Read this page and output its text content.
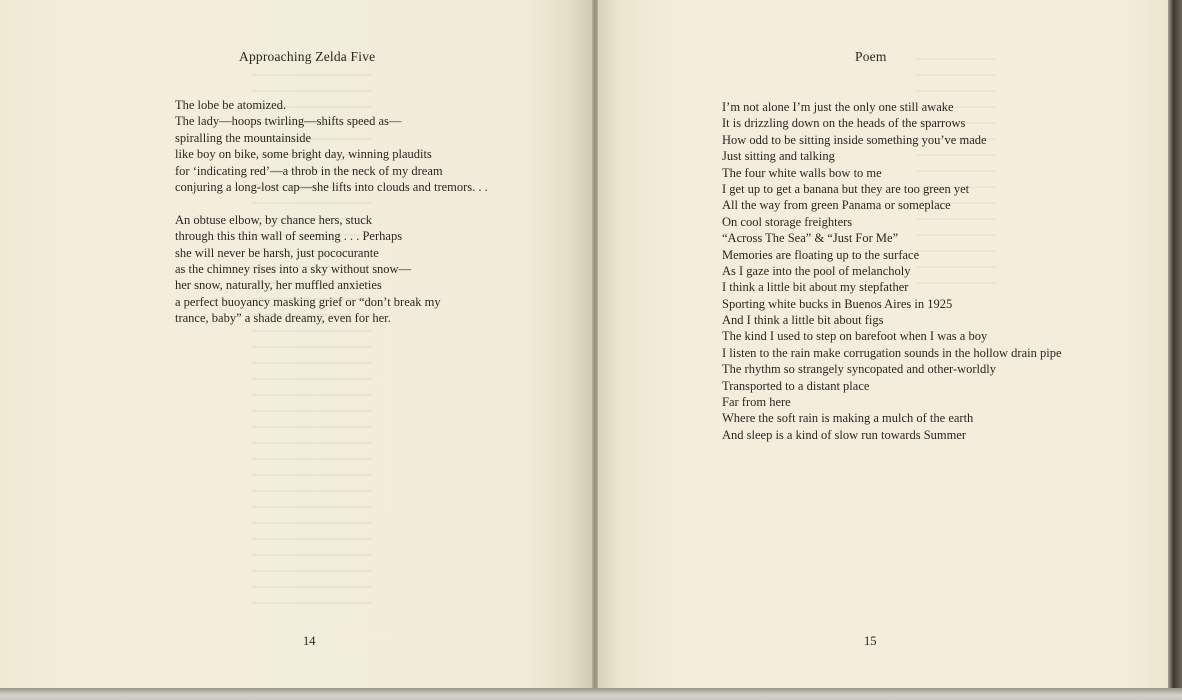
Approaching Zelda Five
The lobe be atomized.
The lady—hoops twirling—shifts speed as—
spiralling the mountainside
like boy on bike, some bright day, winning plaudits
for ‘indicating red’—a throb in the neck of my dream
conjuring a long-lost cap—she lifts into clouds and tremors. . .
An obtuse elbow, by chance hers, stuck
through this thin wall of seeming . . . Perhaps
she will never be harsh, just pococurante
as the chimney rises into a sky without snow—
her snow, naturally, her muffled anxieties
a perfect buoyancy masking grief or “don’t break my
trance, baby” a shade dreamy, even for her.
14
Poem
I’m not alone I’m just the only one still awake
It is drizzling down on the heads of the sparrows
How odd to be sitting inside something you’ve made
Just sitting and talking
The four white walls bow to me
I get up to get a banana but they are too green yet
All the way from green Panama or someplace
On cool storage freighters
“Across The Sea” & “Just For Me”
Memories are floating up to the surface
As I gaze into the pool of melancholy
I think a little bit about my stepfather
Sporting white bucks in Buenos Aires in 1925
And I think a little bit about figs
The kind I used to step on barefoot when I was a boy
I listen to the rain make corrugation sounds in the hollow drain pipe
The rhythm so strangely syncopated and other-worldly
Transported to a distant place
Far from here
Where the soft rain is making a mulch of the earth
And sleep is a kind of slow run towards Summer
15
